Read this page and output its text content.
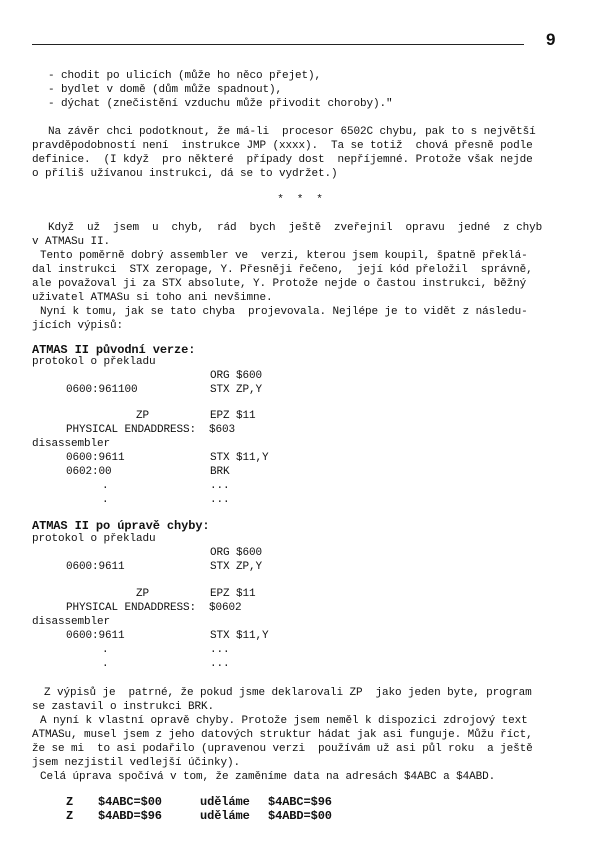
9
- chodit po ulicích (může ho něco přejet),
- bydlet v domě (dům může spadnout),
- dýchat (znečistění vzduchu může přivodit choroby)."
Na závěr chci podotknout, že má-li  procesor 6502C chybu, pak to s největší
pravděpodobností není  instrukce JMP (xxxx).  Ta se totiž  chová přesně podle
definice.  (I když  pro některé  případy dost  nepříjemné. Protože však nejde
o příliš užívanou instrukci, dá se to vydržet.)
*  *  *
Když  už  jsem  u  chyb,  rád  bych  ještě  zveřejnil  opravu  jedné  z chyb
v ATMASu II.
Tento poměrně dobrý assembler ve  verzi, kterou jsem koupil, špatně překlá-
dal instrukci  STX zeropage, Y. Přesněji řečeno,  její kód přeložil  správně,
ale považoval ji za STX absolute, Y. Protože nejde o častou instrukci, běžný
uživatel ATMASu si toho ani nevšimne.
Nyní k tomu, jak se tato chyba  projevovala. Nejlépe je to vidět z následu-
jících výpisů:
ATMAS II původní verze:
protokol o překladu
ORG $600
0600:961100	STX ZP,Y
ZP	EPZ $11
PHYSICAL ENDADDRESS:  $603
disassembler
0600:9611	STX $11,Y
0602:00	BRK
.	...
.	...
ATMAS II po úpravě chyby:
protokol o překladu
ORG $600
0600:9611	STX ZP,Y
ZP	EPZ $11
PHYSICAL ENDADDRESS:  $0602
disassembler
0600:9611	STX $11,Y
.	...
.	...
Z výpisů je  patrné, že pokud jsme deklarovali ZP  jako jeden byte, program
se zastavil o instrukci BRK.
A nyní k vlastní opravě chyby. Protože jsem neměl k dispozici zdrojový text
ATMASu, musel jsem z jeho datových struktur hádat jak asi funguje. Můžu říct,
že se mi  to asi podařilo (upravenou verzi  používám už asi půl roku  a ještě
jsem nezjistil vedlejší účinky).
Celá úprava spočívá v tom, že zaměníme data na adresách $4ABC a $4ABD.
Z $4ABC=$00	uděláme $4ABC=$96
Z $4ABD=$96	uděláme $4ABD=$00
